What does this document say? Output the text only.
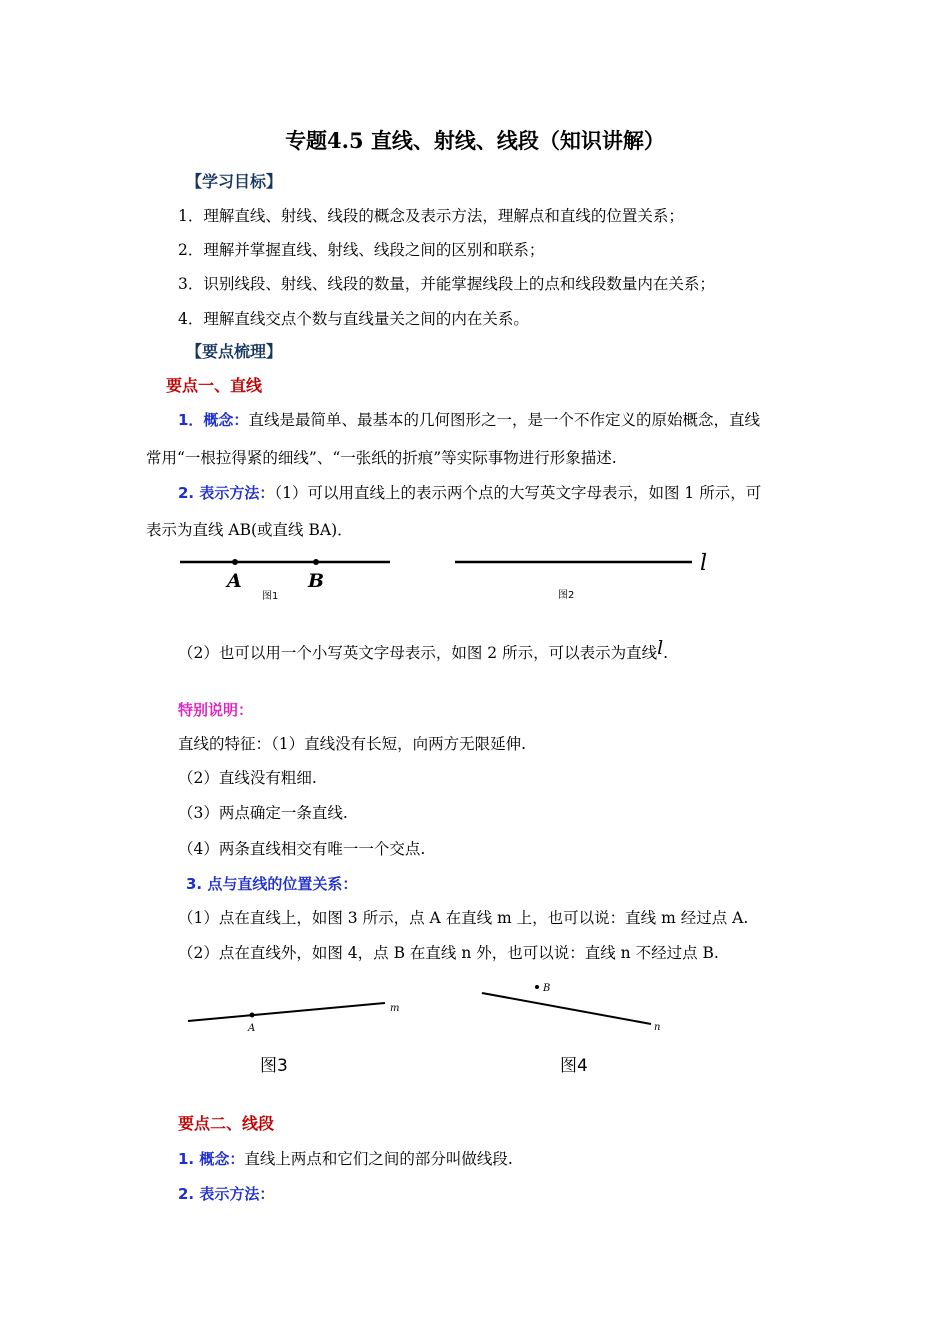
专题4.5 直线、射线、线段（知识讲解）
【学习目标】
1．理解直线、射线、线段的概念及表示方法，理解点和直线的位置关系；
2．理解并掌握直线、射线、线段之间的区别和联系；
3．识别线段、射线、线段的数量，并能掌握线段上的点和线段数量内在关系；
4．理解直线交点个数与直线量关之间的内在关系。
【要点梳理】
要点一、直线
1．概念：直线是最简单、最基本的几何图形之一，是一个不作定义的原始概念，直线
常用“一根拉得紧的细线”、“一张纸的折痕”等实际事物进行形象描述.
2. 表示方法：（1）可以用直线上的表示两个点的大写英文字母表示，如图 1 所示，可
表示为直线 AB(或直线 BA)．
A	B
图1
l
图2
（2）也可以用一个小写英文字母表示，如图 2 所示，可以表示为直线l.
特别说明：
直线的特征：（1）直线没有长短，向两方无限延伸.
（2）直线没有粗细.
（3）两点确定一条直线.
（4）两条直线相交有唯一一个交点.
3. 点与直线的位置关系：
（1）点在直线上，如图 3 所示，点 A 在直线 m 上，也可以说：直线 m 经过点 A.
（2）点在直线外，如图 4，点 B 在直线 n 外，也可以说：直线 n 不经过点 B.
A
m
图3
B
n
图4
要点二、线段
1. 概念：直线上两点和它们之间的部分叫做线段.
2. 表示方法：
